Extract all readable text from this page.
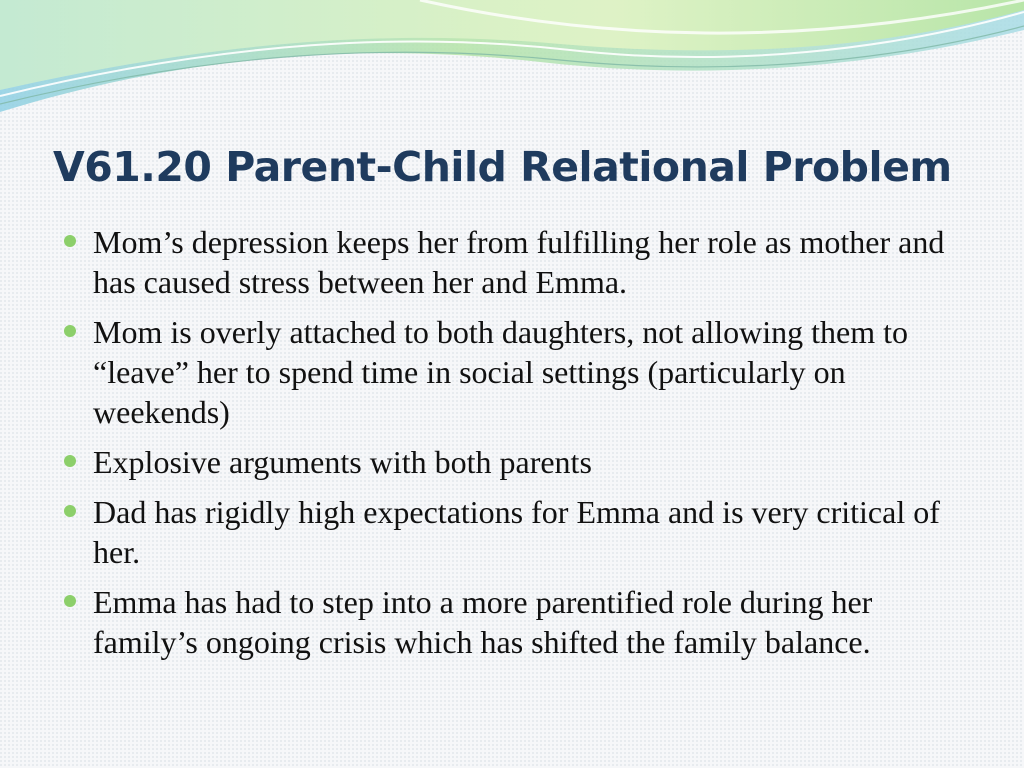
V61.20 Parent-Child Relational Problem
Mom’s depression keeps her from fulfilling her role as mother and has caused stress between her and Emma.
Mom is overly attached to both daughters, not allowing them to “leave” her to spend time in social settings (particularly on weekends)
Explosive arguments with both parents
Dad has rigidly high expectations for Emma and is very critical of her.
Emma has had to step into a more parentified role during her family’s ongoing crisis which has shifted the family balance.
